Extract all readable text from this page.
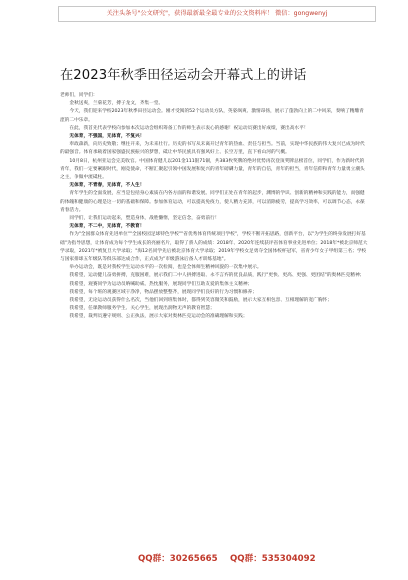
关注头条号"公文研究"，获得最新最全最专业的公文资料库！ 微信：gongwenyj
在2023年秋季田径运动会开幕式上的讲话

老师们，同学们：

金秋送爽，兰菊花芳，搏子龙文，齐集一堂。

今天，我们迎来学校2023年秋季田径运动会。刚才受阅的52个运动员方队，英姿飒爽、激情昂扬，展示了蓬勃向上的二中风采，奏响了精雕青涩的二中乐章。

在此，我首先代表学校向参加本次运动会组织筹备工作的师生表示衷心的感谢！祝运动员赛出好成绩，赛出高水平！

无体育，不强国，无体育，不复兴！

奉政森新，向历史致敬；继往开来，为未来壮行。历史的书写从未离开过青年的热血、责任与担当。当前，实现中华民族的伟大复兴已成为时代的最强音。体育承载着国家强盛民族振兴的梦想，砥让中华民族具有强风好上、长空万里，直下看山河的气概。

10月8日，杭州亚运会完美收官。中国体育健儿以201金111银71铜，共383枚奖牌的绝对优势再次登顶奖牌总榜首位，同学们，作为新时代的青年，我们一定要紧跟时代，刚竞使命，不断汇聚起引领中国发展和复兴的青年磅礴力量，青年的自信，青年的担当，青年信仰和青年力量勇立潮头之主，争做中流砥柱。

无体育，不青春，无体育，不人生！

青年学生的全面发展，应当是包括身心素质在内各方面的和谐发展。同学们正处在青年的起步，渊博的学识、创新的精神和实践的能力，而强健的体魄和健康的心理是这一切的基础和保障。参加体育运动，可以提高免疫力，使人精力充沛，可以消除疲劳，提高学习效率，可以调节心态，永葆青春活力。

同学们，让我们运动起来，塑造身体，战胜懒惰，坚定信念，奋勇前行！

无体育，不二中，无体育，不教育！

作为"全国群众体育先进单位""全国校园足球特色学校""省优秀体育传统项目学校"，学校不断开拓思路，创新平台，以"为学生的终身发展打好基础"为指导思想，让体育成为每个学生成长的亮丽名片，取得了骄人的成绩：2018年、2020年连续获评省体育事业先进单位；2018年*被北京师范大学录取，2021年*被复旦大学录取；"海12名同学先后被北京体育大学录取；2019年学校女足勇夺全国体校杯冠军，省青少年女子甲组第三名；学校与国家排球五年级队等俱乐部达成合作，正式成为"市级游泳后备人才训练基地"。

举办运动会，既是对我校学生运动水平的一次检阅，也是全体师生精神风貌的一次集中展示。

我希望，运动健儿奋勇拼搏，克服困难，展示我们二中人拼搏进取、永不言弃的优良品质，践行"更快、更高、更强、更团结"的奥林匹克精神；

我希望，观赛同学为运动员呐喊助威、热忱服务，展现同学们互助友爱的集体主义精神；

我希望，每个班的观赛区域干净净，物品摆放整整齐，展现同学们良好的行为习惯和修养；

我希望，无论运动员获得什么名次，当他们回到班集体时，都得到笑容微笑和鼓励，展示大家互相包容、互相理解的宽广胸怀；

我希望，任课教师服务学生、关心学生，展现出润物无声的教育智慧；

我希望，裁判员遵守规则、公正执法，展示大家对奥林匹克运动会的准确理解和实践；

QQ群：30265665 QQ群：535304092
